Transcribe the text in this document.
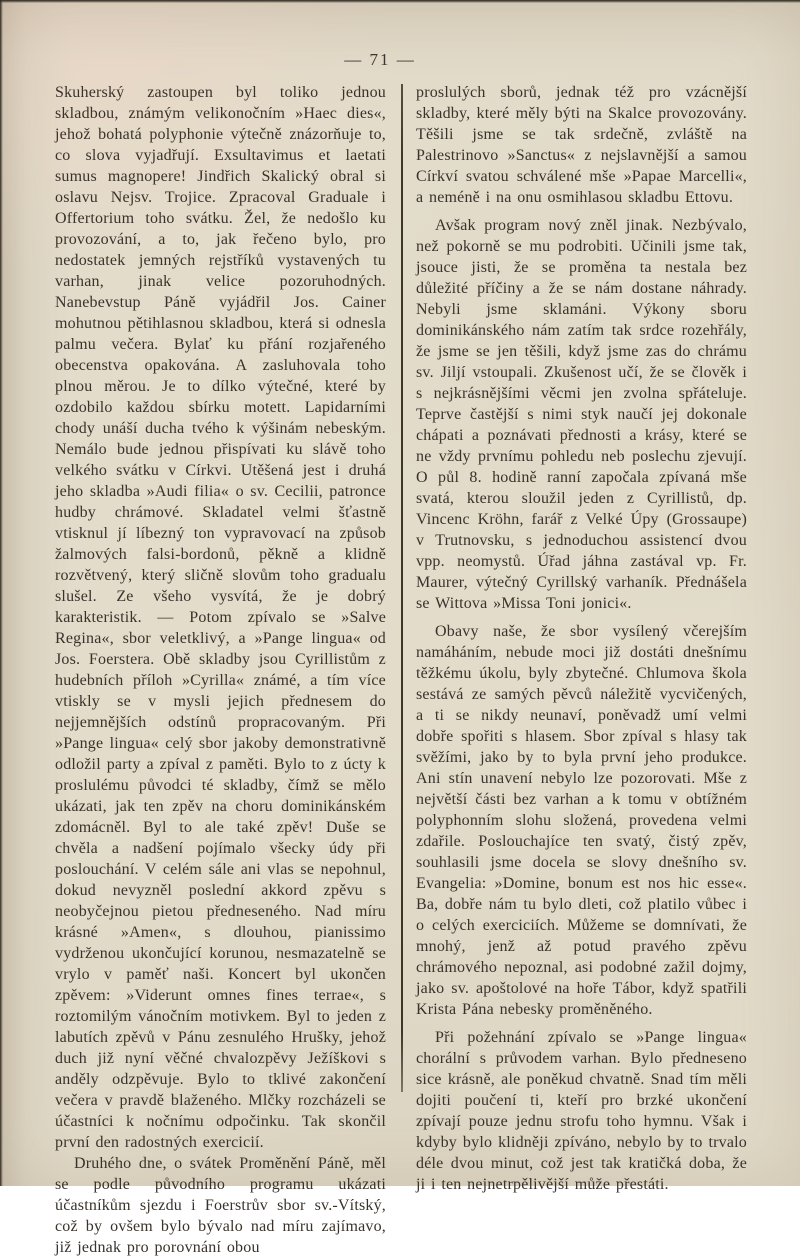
— 71 —

Skuherský zastoupen byl toliko jednou skladbou, známým velikonočním »Haec dies«, jehož bohatá polyphonie výtečně znázorňuje to, co slova vyjadřují. Exsultavimus et laetati sumus magnopere! Jindřich Skalický obral si oslavu Nejsv. Trojice. Zpracoval Graduale i Offertorium toho svátku. Žel, že nedošlo ku provozování, a to, jak řečeno bylo, pro nedostatek jemných rejstříků vystavených tu varhan, jinak velice pozoruhodných. Nanebevstup Páně vyjádřil Jos. Cainer mohutnou pětihlasnou skladbou, která si odnesla palmu večera. Bylať ku přání rozjařeného obecenstva opakována. A zasluhovala toho plnou měrou. Je to dílko výtečné, které by ozdobilo každou sbírku motett. Lapidarními chody unáší ducha tvého k výšinám nebeským. Nemálo bude jednou přispívati ku slávě toho velkého svátku v Církvi. Utěšená jest i druhá jeho skladba »Audi filia« o sv. Cecilii, patronce hudby chrámové. Skladatel velmi šťastně vtisknul jí líbezný ton vypravovací na způsob žalmových falsi-bordonů, pěkně a klidně rozvětvený, který sličně slovům toho gradualu slušel. Ze všeho vysvítá, že je dobrý karakteristik. — Potom zpívalo se »Salve Regina«, sbor veletklivý, a »Pange lingua« od Jos. Foerstera. Obě skladby jsou Cyrillistům z hudebních příloh »Cyrilla« známé, a tím více vtiskly se v mysli jejich přednesem do nejjemnějších odstínů propracovaným. Při »Pange lingua« celý sbor jakoby demonstrativně odložil party a zpíval z paměti. Bylo to z úcty k proslulému původci té skladby, čímž se mělo ukázati, jak ten zpěv na choru dominikánském zdomácněl. Byl to ale také zpěv! Duše se chvěla a nadšení pojímalo všecky údy při poslouchání. V celém sále ani vlas se nepohnul, dokud nevyzněl poslední akkord zpěvu s neobyčejnou pietou předneseného. Nad míru krásné »Amen«, s dlouhou, pianissimo vydrženou ukončující korunou, nesmazatelně se vrylo v paměť naši. Koncert byl ukončen zpěvem: »Viderunt omnes fines terrae«, s roztomilým vánočním motivkem. Byl to jeden z labutích zpěvů v Pánu zesnulého Hrušky, jehož duch již nyní věčné chvalozpěvy Ježíškovi s anděly odzpěvuje. Bylo to tklivé zakončení večera v pravdě blaženého. Mlčky rozcházeli se účastníci k nočnímu odpočinku. Tak skončil první den radostných exercicií.

Druhého dne, o svátek Proměnění Páně, měl se podle původního programu ukázati účastníkům sjezdu i Foerstrův sbor sv.-Vítský, což by ovšem bylo bývalo nad míru zajímavo, již jednak pro porovnání obou

proslulých sborů, jednak též pro vzácnější skladby, které měly býti na Skalce provozovány. Těšili jsme se tak srdečně, zvláště na Palestrinovo »Sanctus« z nejslavnější a samou Církví svatou schválené mše »Papae Marcelli«, a neméně i na onu osmihlasou skladbu Ettovu.

Avšak program nový zněl jinak. Nezbývalo, než pokorně se mu podrobiti. Učinili jsme tak, jsouce jisti, že se proměna ta nestala bez důležité příčiny a že se nám dostane náhrady. Nebyli jsme sklamáni. Výkony sboru dominikánského nám zatím tak srdce rozehřály, že jsme se jen těšili, když jsme zas do chrámu sv. Jiljí vstoupali. Zkušenost učí, že se člověk i s nejkrásnějšími věcmi jen zvolna spřáteluje. Teprve častější s nimi styk naučí jej dokonale chápati a poznávati přednosti a krásy, které se ne vždy prvnímu pohledu neb poslechu zjevují. O půl 8. hodině ranní započala zpívaná mše svatá, kterou sloužil jeden z Cyrillistů, dp. Vincenc Kröhn, farář z Velké Úpy (Grossaupe) v Trutnovsku, s jednoduchou assistencí dvou vpp. neomystů. Úřad jáhna zastával vp. Fr. Maurer, výtečný Cyrillský varhaník. Přednášela se Wittova »Missa Toni jonici«.

Obavy naše, že sbor vysílený včerejším namáháním, nebude moci již dostáti dnešnímu těžkému úkolu, byly zbytečné. Chlumova škola sestává ze samých pěvců náležitě vycvičených, a ti se nikdy neunaví, poněvadž umí velmi dobře spořiti s hlasem. Sbor zpíval s hlasy tak svěžími, jako by to byla první jeho produkce. Ani stín unavení nebylo lze pozorovati. Mše z největší části bez varhan a k tomu v obtížném polyphonním slohu složená, provedena velmi zdařile. Poslouchajíce ten svatý, čistý zpěv, souhlasili jsme docela se slovy dnešního sv. Evangelia: »Domine, bonum est nos hic esse«. Ba, dobře nám tu bylo dleti, což platilo vůbec i o celých exerciciích. Můžeme se domnívati, že mnohý, jenž až potud pravého zpěvu chrámového nepoznal, asi podobné zažil dojmy, jako sv. apoštolové na hoře Tábor, když spatřili Krista Pána nebesky proměněného.

Při požehnání zpívalo se »Pange lingua« chorální s průvodem varhan. Bylo předneseno sice krásně, ale poněkud chvatně. Snad tím měli dojiti poučení ti, kteří pro brzké ukončení zpívají pouze jednu strofu toho hymnu. Však i kdyby bylo klidněji zpíváno, nebylo by to trvalo déle dvou minut, což jest tak kratičká doba, že ji i ten nejnetrpělivější může přestáti.
